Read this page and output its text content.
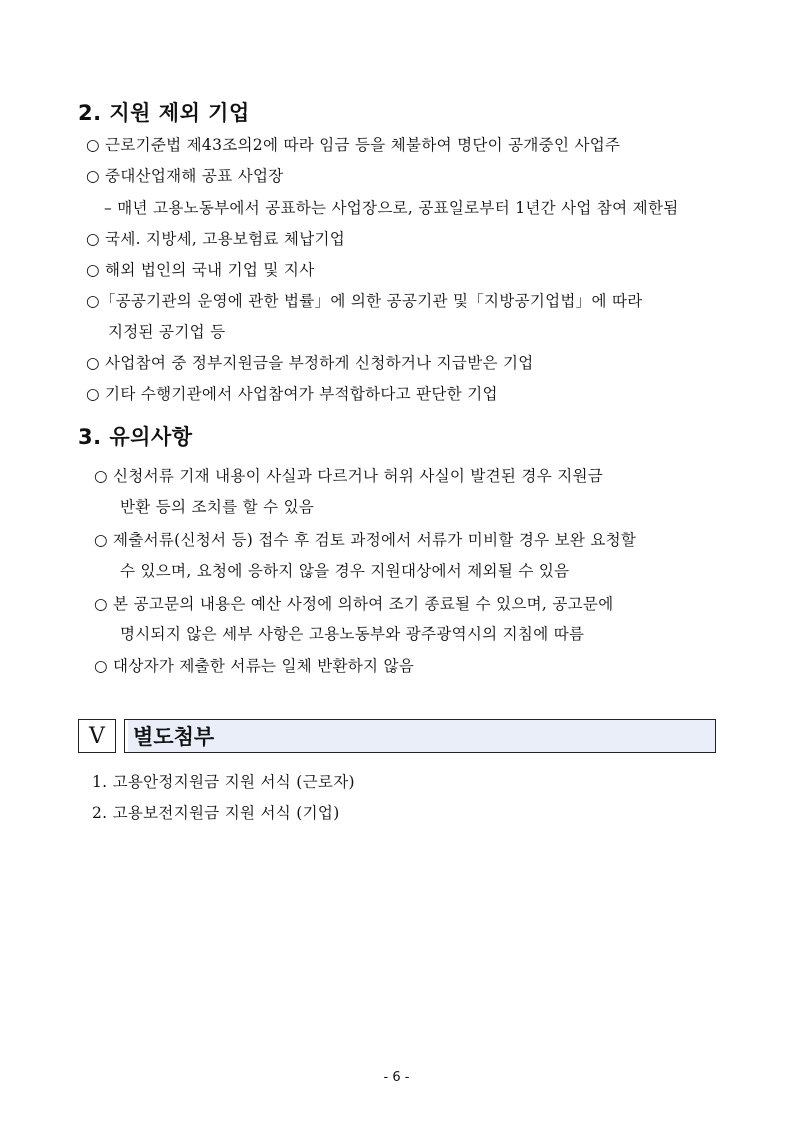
2. 지원 제외 기업
○ 근로기준법 제43조의2에 따라 임금 등을 체불하여 명단이 공개중인 사업주
○ 중대산업재해 공표 사업장
– 매년 고용노동부에서 공표하는 사업장으로, 공표일로부터 1년간 사업 참여 제한됨
○ 국세. 지방세, 고용보험료 체납기업
○ 해외 법인의 국내 기업 및 지사
○「공공기관의 운영에 관한 법률」에 의한 공공기관 및「지방공기업법」에 따라
지정된 공기업 등
○ 사업참여 중 정부지원금을 부정하게 신청하거나 지급받은 기업
○ 기타 수행기관에서 사업참여가 부적합하다고 판단한 기업
3. 유의사항
○ 신청서류 기재 내용이 사실과 다르거나 허위 사실이 발견된 경우 지원금
반환 등의 조치를 할 수 있음
○ 제출서류(신청서 등) 접수 후 검토 과정에서 서류가 미비할 경우 보완 요청할
수 있으며, 요청에 응하지 않을 경우 지원대상에서 제외될 수 있음
○ 본 공고문의 내용은 예산 사정에 의하여 조기 종료될 수 있으며, 공고문에
명시되지 않은 세부 사항은 고용노동부와 광주광역시의 지침에 따름
○ 대상자가 제출한 서류는 일체 반환하지 않음
V	별도첨부
1. 고용안정지원금 지원 서식 (근로자)
2. 고용보전지원금 지원 서식 (기업)
- 6 -
